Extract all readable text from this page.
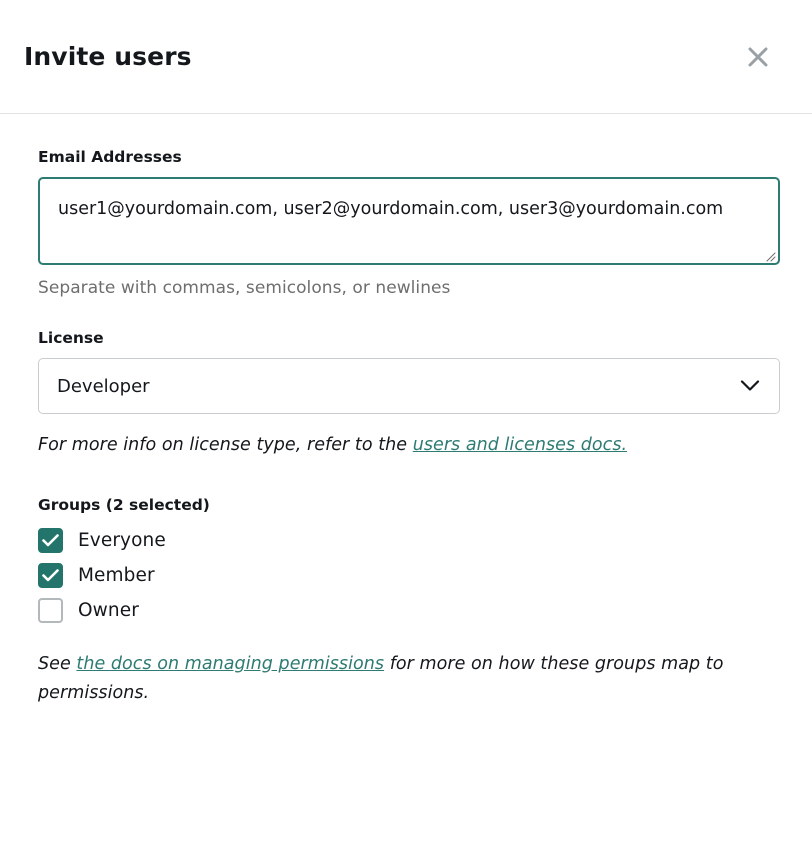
Invite users
Email Addresses
user1@yourdomain.com, user2@yourdomain.com, user3@yourdomain.com
Separate with commas, semicolons, or newlines
License
Developer
For more info on license type, refer to the users and licenses docs.
Groups (2 selected)
Everyone
Member
Owner
See the docs on managing permissions for more on how these groups map to permissions.
